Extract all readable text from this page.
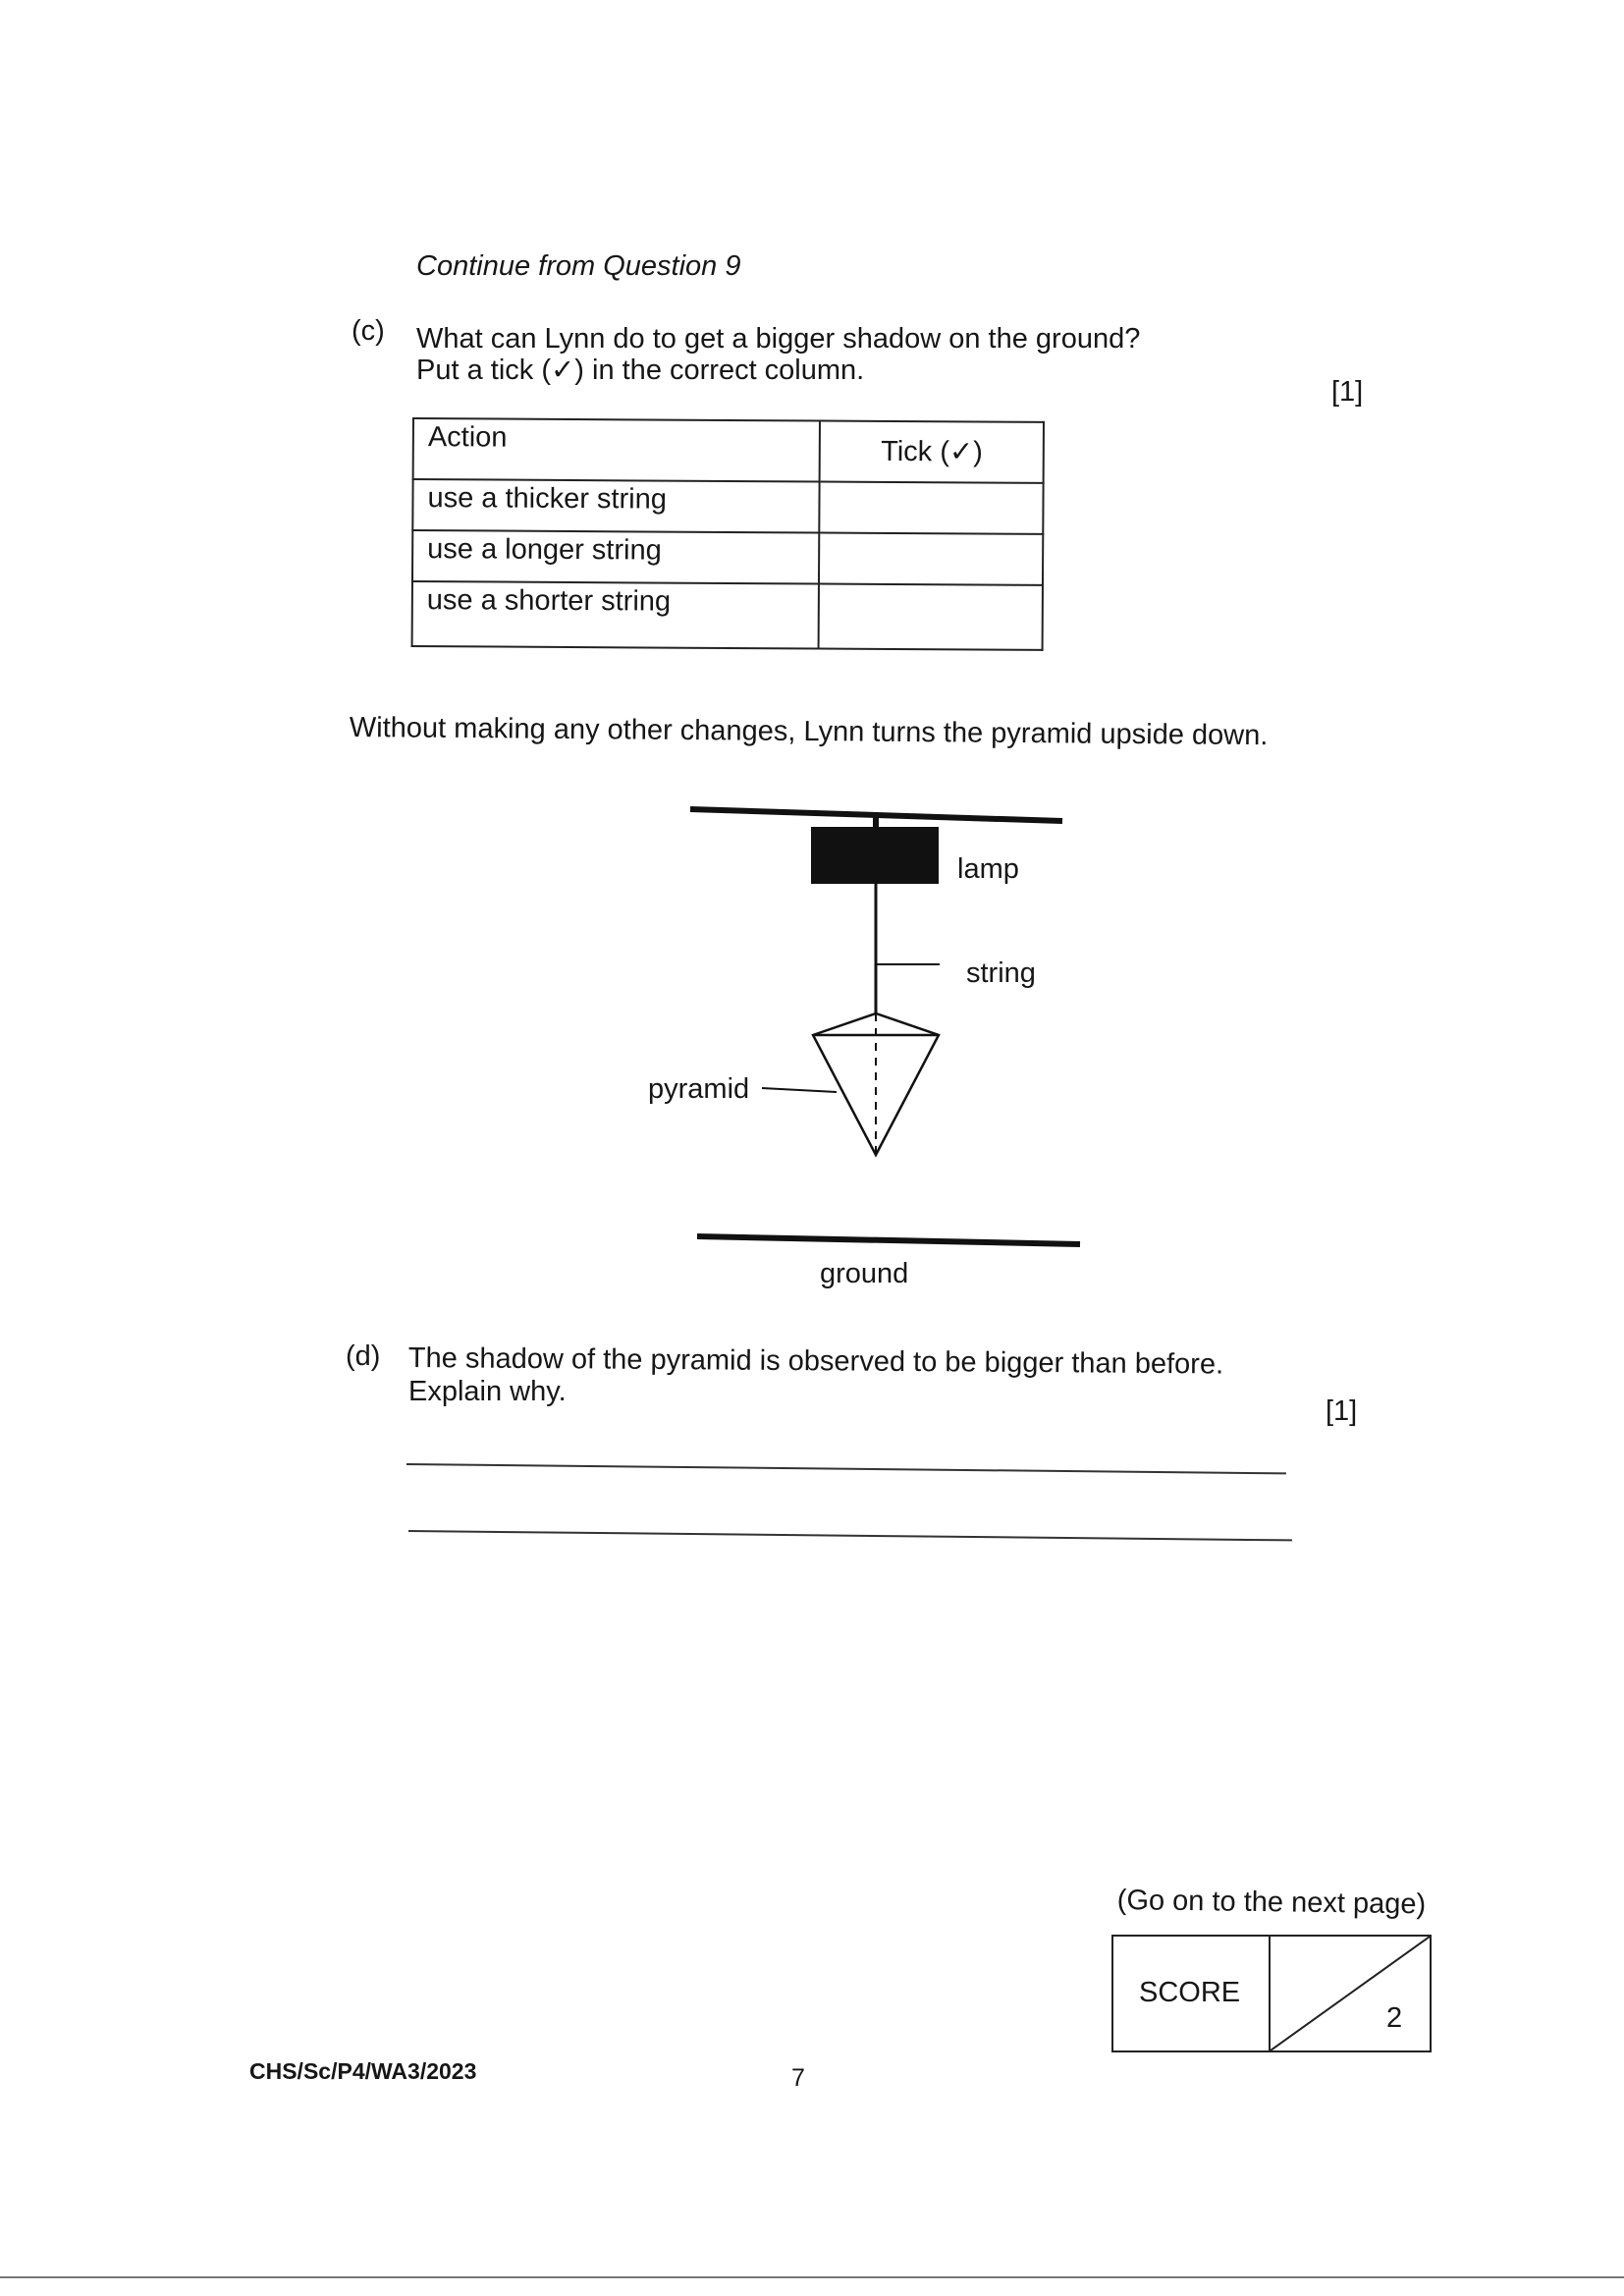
Continue from Question 9
(c) What can Lynn do to get a bigger shadow on the ground?
Put a tick (✓) in the correct column.
[1]
Action	Tick (✓)
use a thicker string	
use a longer string	
use a shorter string	
Without making any other changes, Lynn turns the pyramid upside down.
lamp
string
pyramid
ground
(d) The shadow of the pyramid is observed to be bigger than before.
Explain why.
[1]
(Go on to the next page)
SCORE
2
CHS/Sc/P4/WA3/2023	7
